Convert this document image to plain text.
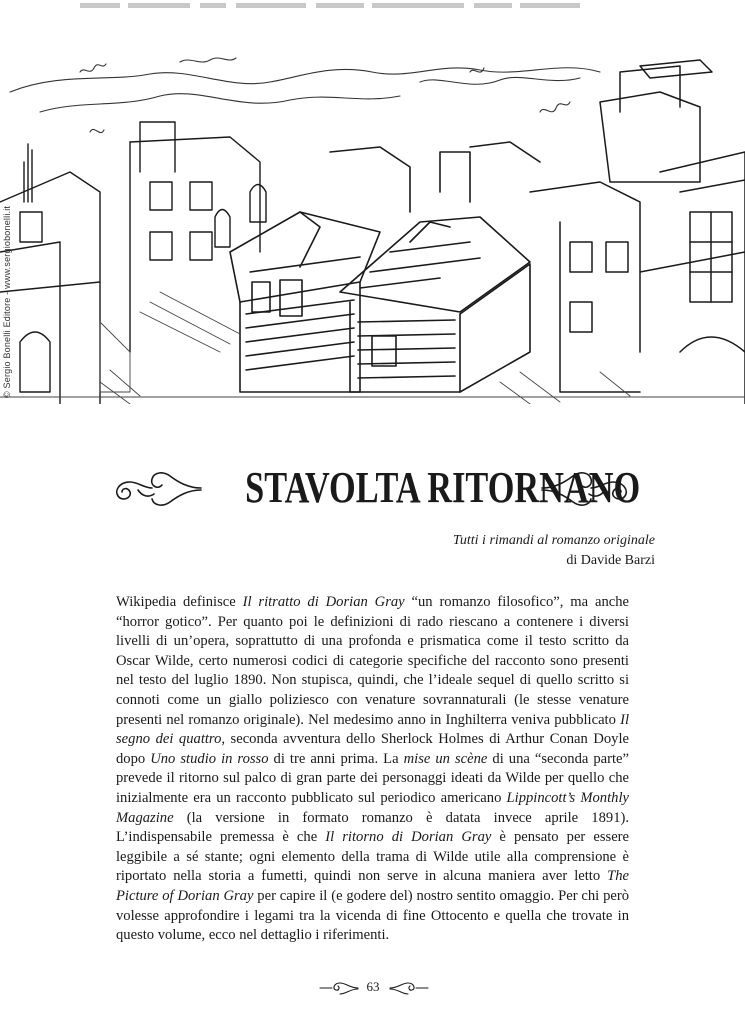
© Sergio Bonelli Editore - www.sergiobonelli.it
STAVOLTA RITORNANO
Tutti i rimandi al romanzo originale
di Davide Barzi

Wikipedia definisce Il ritratto di Dorian Gray “un romanzo filosofico”, ma anche “horror gotico”. Per quanto poi le definizioni di rado riescano a contenere i diversi livelli di un’opera, soprattutto di una profonda e prismatica come il testo scritto da Oscar Wilde, certo numerosi codici di categorie specifiche del racconto sono presenti nel testo del luglio 1890. Non stupisca, quindi, che l’ideale sequel di quello scritto si connoti come un giallo poliziesco con venature sovrannaturali (le stesse venature presenti nel romanzo originale). Nel medesimo anno in Inghilterra veniva pubblicato Il segno dei quattro, seconda avventura dello Sherlock Holmes di Arthur Conan Doyle dopo Uno studio in rosso di tre anni prima. La mise un scène di una “seconda parte” prevede il ritorno sul palco di gran parte dei personaggi ideati da Wilde per quello che inizialmente era un racconto pubblicato sul periodico americano Lippincott’s Monthly Magazine (la versione in formato romanzo è datata invece aprile 1891). L’indispensabile premessa è che Il ritorno di Dorian Gray è pensato per essere leggibile a sé stante; ogni elemento della trama di Wilde utile alla comprensione è riportato nella storia a fumetti, quindi non serve in alcuna maniera aver letto The Picture of Dorian Gray per capire il (e godere del) nostro sentito omaggio. Per chi però volesse approfondire i legami tra la vicenda di fine Ottocento e quella che trovate in questo volume, ecco nel dettaglio i riferimenti.

63
